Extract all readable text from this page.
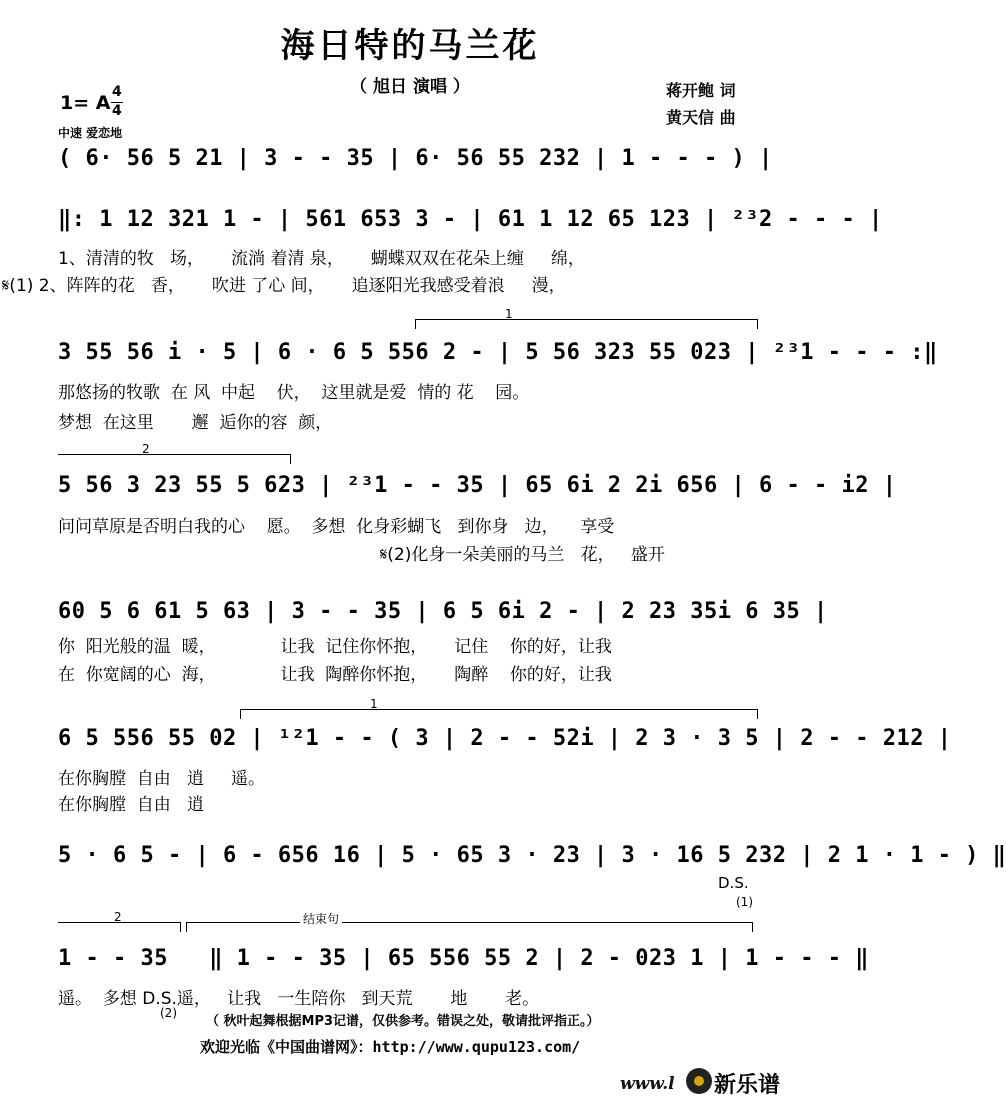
海日特的马兰花
（ 旭日 演唱 ）	蒋开鲍 词
黄天信 曲
1= A 4
4
中速 爱恋地
( 6· 56 5 21 | 3 - - 35 | 6· 56 55 232 | 1 - - - ) |
‖: 1 12 321 1 - | 561 653 3 - | 61 1 12 65 123 | ²³2 - - - |
1、清清的牧   场，     流淌 着清 泉，     蝴蝶双双在花朵上缠     绵，
𝄋(1) 2、阵阵的花   香，     吹进 了心 间，     追逐阳光我感受着浪     漫，
1
3 55 56 i · 5 | 6 · 6 5 556 2 - | 5 56 323 55 023 | ²³1 - - - :‖
那悠扬的牧歌  在 风  中起    伏，  这里就是爱  情的 花    园。
梦想  在这里       邂  逅你的容  颜，
2
5 56 3 23 55 5 623 | ²³1 - - 35 | 65 6i 2 2i 656 | 6 - - i2 |
问问草原是否明白我的心    愿。  多想  化身彩蝴飞   到你身   边，    享受
𝄋(2)化身一朵美丽的马兰   花，   盛开
60 5 6 61 5 63 | 3 - - 35 | 6 5 6i 2 - | 2 23 35i 6 35 |
你  阳光般的温  暖，            让我  记住你怀抱，     记住    你的好，让我
在  你宽阔的心  海，            让我  陶醉你怀抱，     陶醉    你的好，让我
1
6 5 556 55 02 | ¹²1 - - ( 3 | 2 - - 52i | 2 3 · 3 5 | 2 - - 212 |
在你胸膛  自由   逍     遥。
在你胸膛  自由   逍
5 · 6 5 - | 6 - 656 16 | 5 · 65 3 · 23 | 3 · 16 5 232 | 2 1 · 1 - ) ‖
D.S.
(1)
2	结束句
1 - - 35   ‖ 1 - - 35 | 65 556 55 2 | 2 - 023 1 | 1 - - - ‖
遥。  多想 D.S.遥，   让我   一生陪你   到天荒       地       老。
(2)
（ 秋叶起舞根据MP3记谱，仅供参考。错误之处，敬请批评指正。）
欢迎光临《中国曲谱网》：http://www.qupu123.com/
www.l 新乐谱
